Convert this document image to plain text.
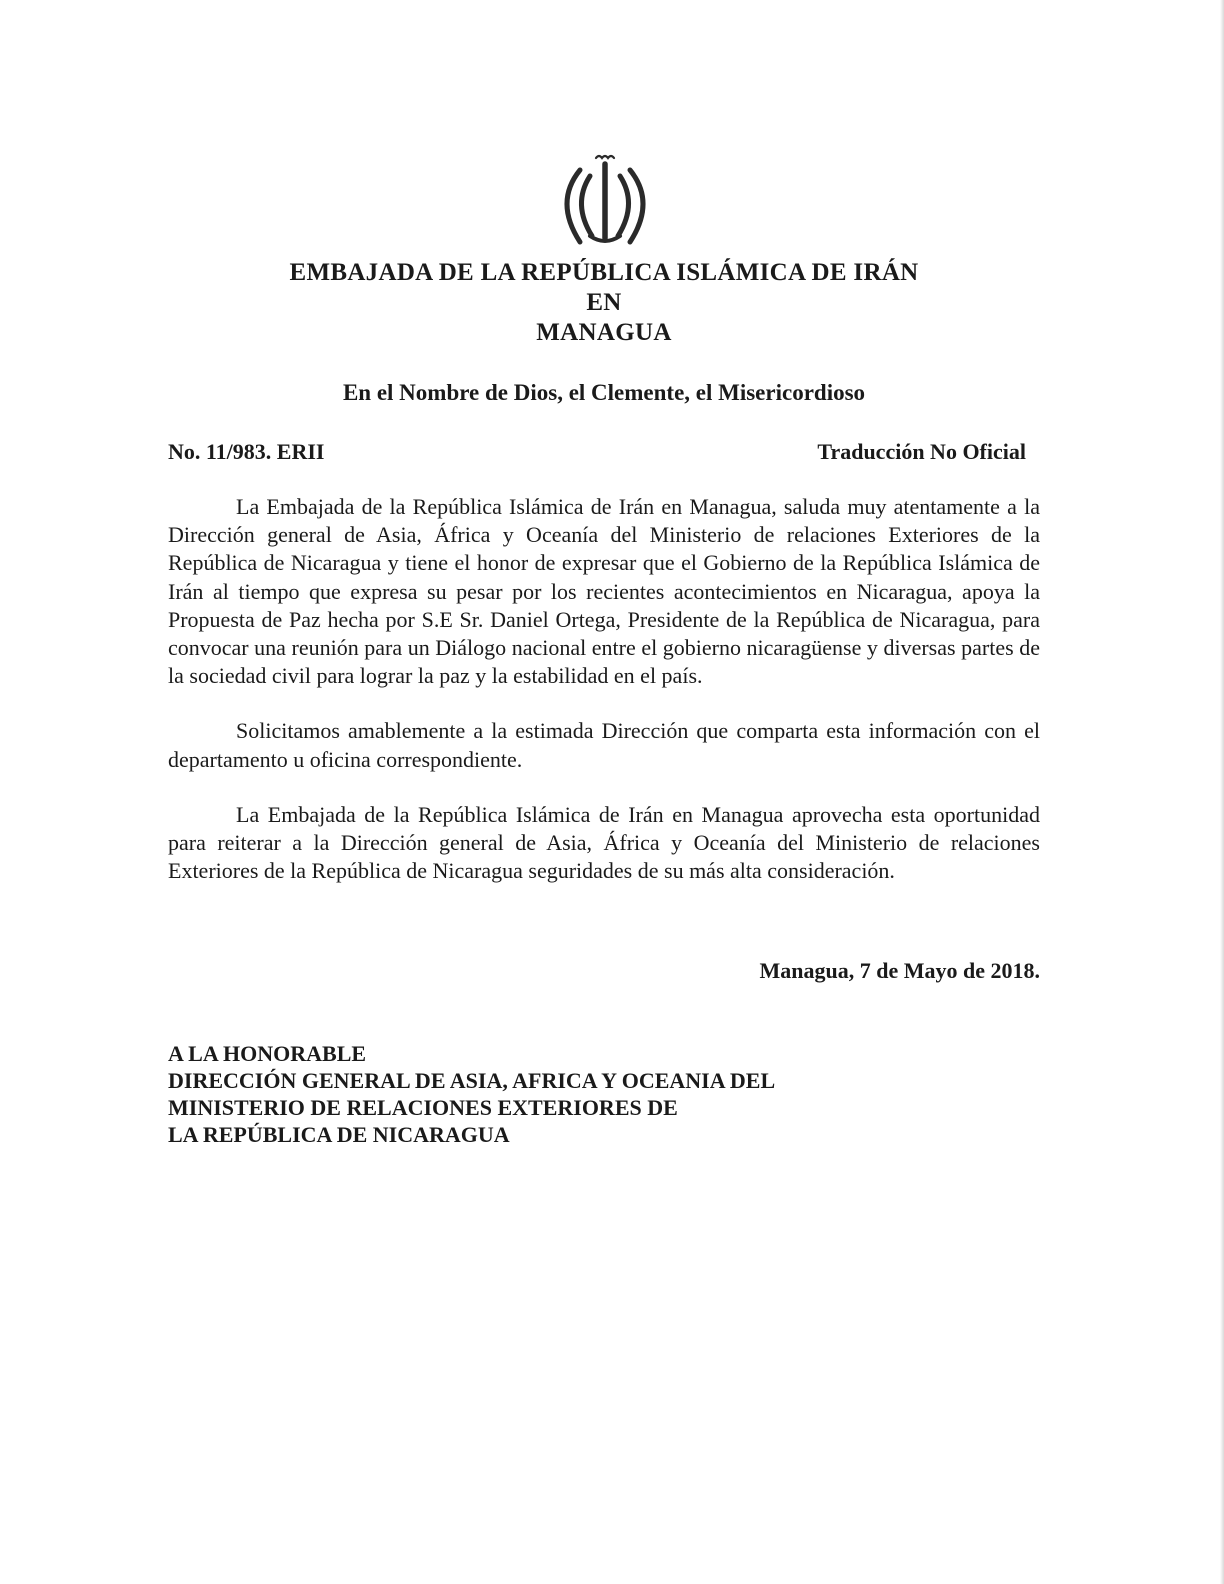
EMBAJADA DE LA REPÚBLICA ISLÁMICA DE IRÁN
EN
MANAGUA
En el Nombre de Dios, el Clemente, el Misericordioso
No. 11/983. ERII	Traducción No Oficial

La Embajada de la República Islámica de Irán en Managua, saluda muy atentamente a la Dirección general de Asia, África y Oceanía del Ministerio de relaciones Exteriores de la República de Nicaragua y tiene el honor de expresar que el Gobierno de la República Islámica de Irán al tiempo que expresa su pesar por los recientes acontecimientos en Nicaragua, apoya la Propuesta de Paz hecha por S.E Sr. Daniel Ortega, Presidente de la República de Nicaragua, para convocar una reunión para un Diálogo nacional entre el gobierno nicaragüense y diversas partes de la sociedad civil para lograr la paz y la estabilidad en el país.

Solicitamos amablemente a la estimada Dirección que comparta esta información con el departamento u oficina correspondiente.

La Embajada de la República Islámica de Irán en Managua aprovecha esta oportunidad para reiterar a la Dirección general de Asia, África y Oceanía del Ministerio de relaciones Exteriores de la República de Nicaragua seguridades de su más alta consideración.

Managua, 7 de Mayo de 2018.
A LA HONORABLE
DIRECCIÓN GENERAL DE ASIA, AFRICA Y OCEANIA DEL
MINISTERIO DE RELACIONES EXTERIORES DE
LA REPÚBLICA DE NICARAGUA
